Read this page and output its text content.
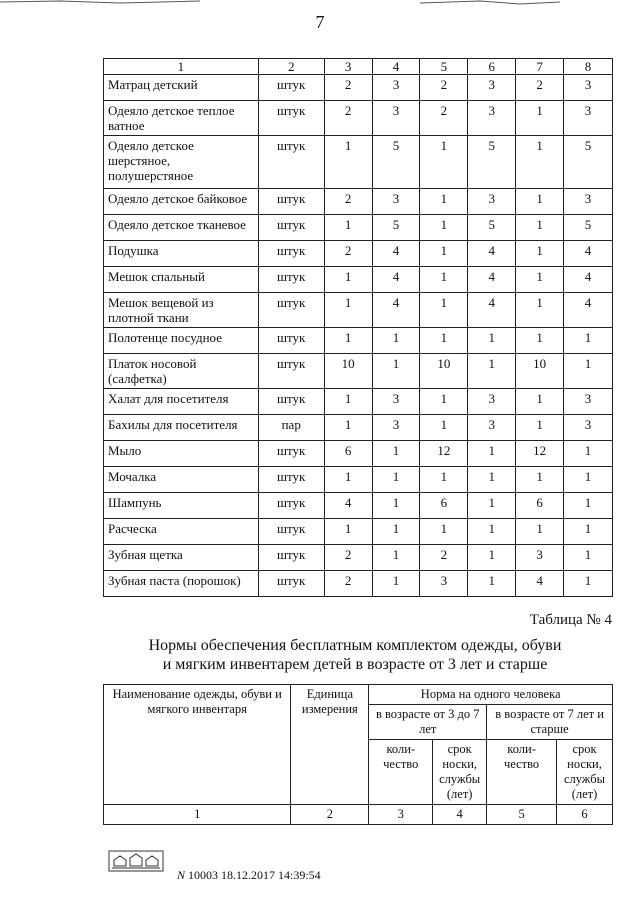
7
1	2	3	4	5	6	7	8
Матрац детский	штук	2	3	2	3	2	3
Одеяло детское теплое ватное	штук	2	3	2	3	1	3
Одеяло детское шерстяное, полушерстяное	штук	1	5	1	5	1	5
Одеяло детское байковое	штук	2	3	1	3	1	3
Одеяло детское тканевое	штук	1	5	1	5	1	5
Подушка	штук	2	4	1	4	1	4
Мешок спальный	штук	1	4	1	4	1	4
Мешок вещевой из плотной ткани	штук	1	4	1	4	1	4
Полотенце посудное	штук	1	1	1	1	1	1
Платок носовой (салфетка)	штук	10	1	10	1	10	1
Халат для посетителя	штук	1	3	1	3	1	3
Бахилы для посетителя	пар	1	3	1	3	1	3
Мыло	штук	6	1	12	1	12	1
Мочалка	штук	1	1	1	1	1	1
Шампунь	штук	4	1	6	1	6	1
Расческа	штук	1	1	1	1	1	1
Зубная щетка	штук	2	1	2	1	3	1
Зубная паста (порошок)	штук	2	1	3	1	4	1
Таблица № 4
Нормы обеспечения бесплатным комплектом одежды, обуви
и мягким инвентарем детей в возрасте от 3 лет и старше
Наименование одежды, обуви и мягкого инвентаря	Единица измерения	Норма на одного человека			
		в возрасте от 3 до 7 лет		в возрасте от 7 лет и старше	
		коли-чество	срок носки, службы (лет)	коли-чество	срок носки, службы (лет)
1	2	3	4	5	6
N 10003 18.12.2017 14:39:54
